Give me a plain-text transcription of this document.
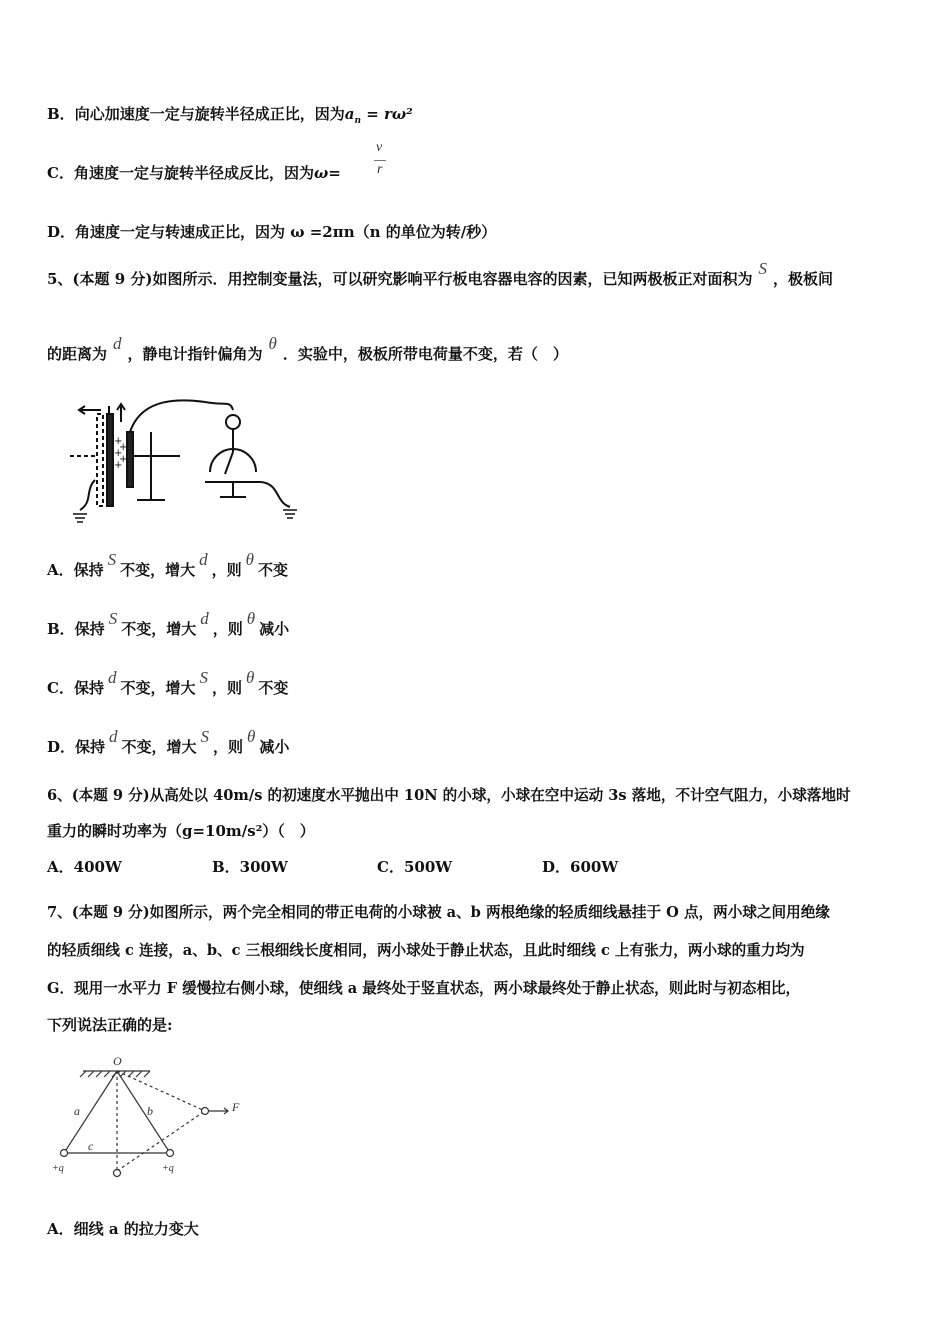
B．向心加速度一定与旋转半径成正比，因为$a_n = r\omega^2$
C．角速度一定与旋转半径成反比，因为ω=
v
r
D．角速度一定与转速成正比，因为 ω =2πn（n 的单位为转/秒）
5、(本题 9 分)如图所示．用控制变量法，可以研究影响平行板电容器电容的因素，已知两极板正对面积为S，极板间
的距离为d，静电计指针偏角为θ．实验中，极板所带电荷量不变，若（　）
+
+
+
+
+
A．保持S不变，增大d，则θ不变
B．保持S不变，增大d，则θ减小
C．保持d不变，增大S，则θ不变
D．保持d不变，增大S，则θ减小
6、(本题 9 分)从高处以 40m/s 的初速度水平抛出中 10N 的小球，小球在空中运动 3s 落地，不计空气阻力，小球落地时
重力的瞬时功率为（g=10m/s²）（　）
A．400W	B．300W	C．500W	D．600W
7、(本题 9 分)如图所示，两个完全相同的带正电荷的小球被 a、b 两根绝缘的轻质细线悬挂于 O 点，两小球之间用绝缘
的轻质细线 c 连接，a、b、c 三根细线长度相同，两小球处于静止状态，且此时细线 c 上有张力，两小球的重力均为
G．现用一水平力 F 缓慢拉右侧小球，使细线 a 最终处于竖直状态，两小球最终处于静止状态，则此时与初态相比，
下列说法正确的是:
O
a	b
c
F
+q	+q
A．细线 a 的拉力变大
